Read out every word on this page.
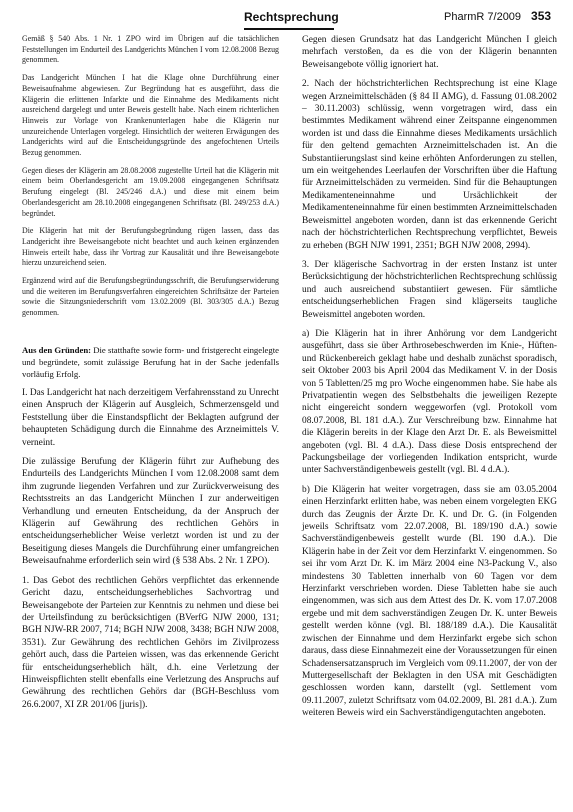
Rechtsprechung	PharmR 7/2009 353

Gemäß § 540 Abs. 1 Nr. 1 ZPO wird im Übrigen auf die tatsächlichen Feststellungen im Endurteil des Landgerichts München I vom 12.08.2008 Bezug genommen.

Das Landgericht München I hat die Klage ohne Durchführung einer Beweisaufnahme abgewiesen. Zur Begründung hat es ausgeführt, dass die Klägerin die erlittenen Infarkte und die Einnahme des Medikaments nicht ausreichend dargelegt und unter Beweis gestellt habe. Nach einem richterlichen Hinweis zur Vorlage von Krankenunterlagen habe die Klägerin nur unzureichende Unterlagen vorgelegt. Hinsichtlich der weiteren Erwägungen des Landgerichts wird auf die Entscheidungsgründe des angefochtenen Urteils Bezug genommen.

Gegen dieses der Klägerin am 28.08.2008 zugestellte Urteil hat die Klägerin mit einem beim Oberlandesgericht am 19.09.2008 eingegangenen Schriftsatz Berufung eingelegt (Bl. 245/246 d.A.) und diese mit einem beim Oberlandesgericht am 28.10.2008 eingegangenen Schriftsatz (Bl. 249/253 d.A.) begründet.

Die Klägerin hat mit der Berufungsbegründung rügen lassen, dass das Landgericht ihre Beweisangebote nicht beachtet und auch keinen ergänzenden Hinweis erteilt habe, dass ihr Vortrag zur Kausalität und ihre Beweisangebote hierzu unzureichend seien.

Ergänzend wird auf die Berufungsbegründungsschrift, die Berufungserwiderung und die weiteren im Berufungsverfahren eingereichten Schriftsätze der Parteien sowie die Sitzungsniederschrift vom 13.02.2009 (Bl. 303/305 d.A.) Bezug genommen.

Aus den Gründen: Die statthafte sowie form- und fristgerecht eingelegte und begründete, somit zulässige Berufung hat in der Sache jedenfalls vorläufig Erfolg.

I. Das Landgericht hat nach derzeitigem Verfahrensstand zu Unrecht einen Anspruch der Klägerin auf Ausgleich, Schmerzensgeld und Feststellung über die Einstandspflicht der Beklagten aufgrund der behaupteten Schädigung durch die Einnahme des Arzneimittels V. verneint.

Die zulässige Berufung der Klägerin führt zur Aufhebung des Endurteils des Landgerichts München I vom 12.08.2008 samt dem ihm zugrunde liegenden Verfahren und zur Zurückverweisung des Rechtsstreits an das Landgericht München I zur anderweitigen Verhandlung und erneuten Entscheidung, da der Anspruch der Klägerin auf Gewährung des rechtlichen Gehörs in entscheidungserheblicher Weise verletzt worden ist und zu der Beseitigung dieses Mangels die Durchführung einer umfangreichen Beweisaufnahme erforderlich sein wird (§ 538 Abs. 2 Nr. 1 ZPO).

1. Das Gebot des rechtlichen Gehörs verpflichtet das erkennende Gericht dazu, entscheidungserhebliches Sachvortrag und Beweisangebote der Parteien zur Kenntnis zu nehmen und diese bei der Urteilsfindung zu berücksichtigen (BVerfG NJW 2000, 131; BGH NJW-RR 2007, 714; BGH NJW 2008, 3438; BGH NJW 2008, 3531). Zur Gewährung des rechtlichen Gehörs im Zivilprozess gehört auch, dass die Parteien wissen, was das erkennende Gericht für entscheidungserheblich hält, d.h. eine Verletzung der Hinweispflichten stellt ebenfalls eine Verletzung des Anspruchs auf Gewährung des rechtlichen Gehörs dar (BGH-Beschluss vom 26.6.2007, XI ZR 201/06 [juris]).

Gegen diesen Grundsatz hat das Landgericht München I gleich mehrfach verstoßen, da es die von der Klägerin benannten Beweisangebote völlig ignoriert hat.

2. Nach der höchstrichterlichen Rechtsprechung ist eine Klage wegen Arzneimittelschäden (§ 84 II AMG), d. Fassung 01.08.2002 – 30.11.2003) schlüssig, wenn vorgetragen wird, dass ein bestimmtes Medikament während einer Zeitspanne eingenommen worden ist und dass die Einnahme dieses Medikaments ursächlich für den geltend gemachten Arzneimittelschaden ist. An die Substantiierungslast sind keine erhöhten Anforderungen zu stellen, um ein weitgehendes Leerlaufen der Vorschriften über die Haftung für Arzneimittelschäden zu vermeiden. Sind für die Behauptungen Medikamenteneinnahme und Ursächlichkeit der Medikamenteneinnahme für einen bestimmten Arzneimittelschaden Beweismittel angeboten worden, dann ist das erkennende Gericht nach der höchstrichterlichen Rechtsprechung verpflichtet, Beweis zu erheben (BGH NJW 1991, 2351; BGH NJW 2008, 2994).

3. Der klägerische Sachvortrag in der ersten Instanz ist unter Berücksichtigung der höchstrichterlichen Rechtsprechung schlüssig und auch ausreichend substantiiert gewesen. Für sämtliche entscheidungserheblichen Fragen sind klägerseits taugliche Beweismittel angeboten worden.

a) Die Klägerin hat in ihrer Anhörung vor dem Landgericht ausgeführt, dass sie über Arthrosebeschwerden im Knie-, Hüften- und Rückenbereich geklagt habe und deshalb zunächst sporadisch, seit Oktober 2003 bis April 2004 das Medikament V. in der Dosis von 5 Tabletten/25 mg pro Woche eingenommen habe. Sie habe als Privatpatientin wegen des Selbstbehalts die jeweiligen Rezepte nicht eingereicht sondern weggeworfen (vgl. Protokoll vom 08.07.2008, Bl. 181 d.A.). Zur Verschreibung bzw. Einnahme hat die Klägerin bereits in der Klage den Arzt Dr. E. als Beweismittel angeboten (vgl. Bl. 4 d.A.). Dass diese Dosis entsprechend der Packungsbeilage der vorliegenden Indikation entspricht, wurde unter Sachverständigenbeweis gestellt (vgl. Bl. 4 d.A.).

b) Die Klägerin hat weiter vorgetragen, dass sie am 03.05.2004 einen Herzinfarkt erlitten habe, was neben einem vorgelegten EKG durch das Zeugnis der Ärzte Dr. K. und Dr. G. (in Folgenden jeweils Schriftsatz vom 22.07.2008, Bl. 189/190 d.A.) sowie Sachverständigenbeweis gestellt wurde (Bl. 190 d.A.). Die Klägerin habe in der Zeit vor dem Herzinfarkt V. eingenommen. So sei ihr vom Arzt Dr. K. im März 2004 eine N3-Packung V., also mindestens 30 Tabletten innerhalb von 60 Tagen vor dem Herzinfarkt verschrieben worden. Diese Tabletten habe sie auch eingenommen, was sich aus dem Attest des Dr. K. vom 17.07.2008 ergebe und mit dem sachverständigen Zeugen Dr. K. unter Beweis gestellt werden könne (vgl. Bl. 188/189 d.A.). Die Kausalität zwischen der Einnahme und dem Herzinfarkt ergebe sich schon daraus, dass diese Einnahmezeit eine der Voraussetzungen für einen Schadensersatzanspruch im Vergleich vom 09.11.2007, der von der Muttergesellschaft der Beklagten in den USA mit Geschädigten geschlossen worden kann, darstellt (vgl. Settlement vom 09.11.2007, zuletzt Schriftsatz vom 04.02.2009, Bl. 281 d.A.). Zum weiteren Beweis wird ein Sachverständigengutachten angeboten.
